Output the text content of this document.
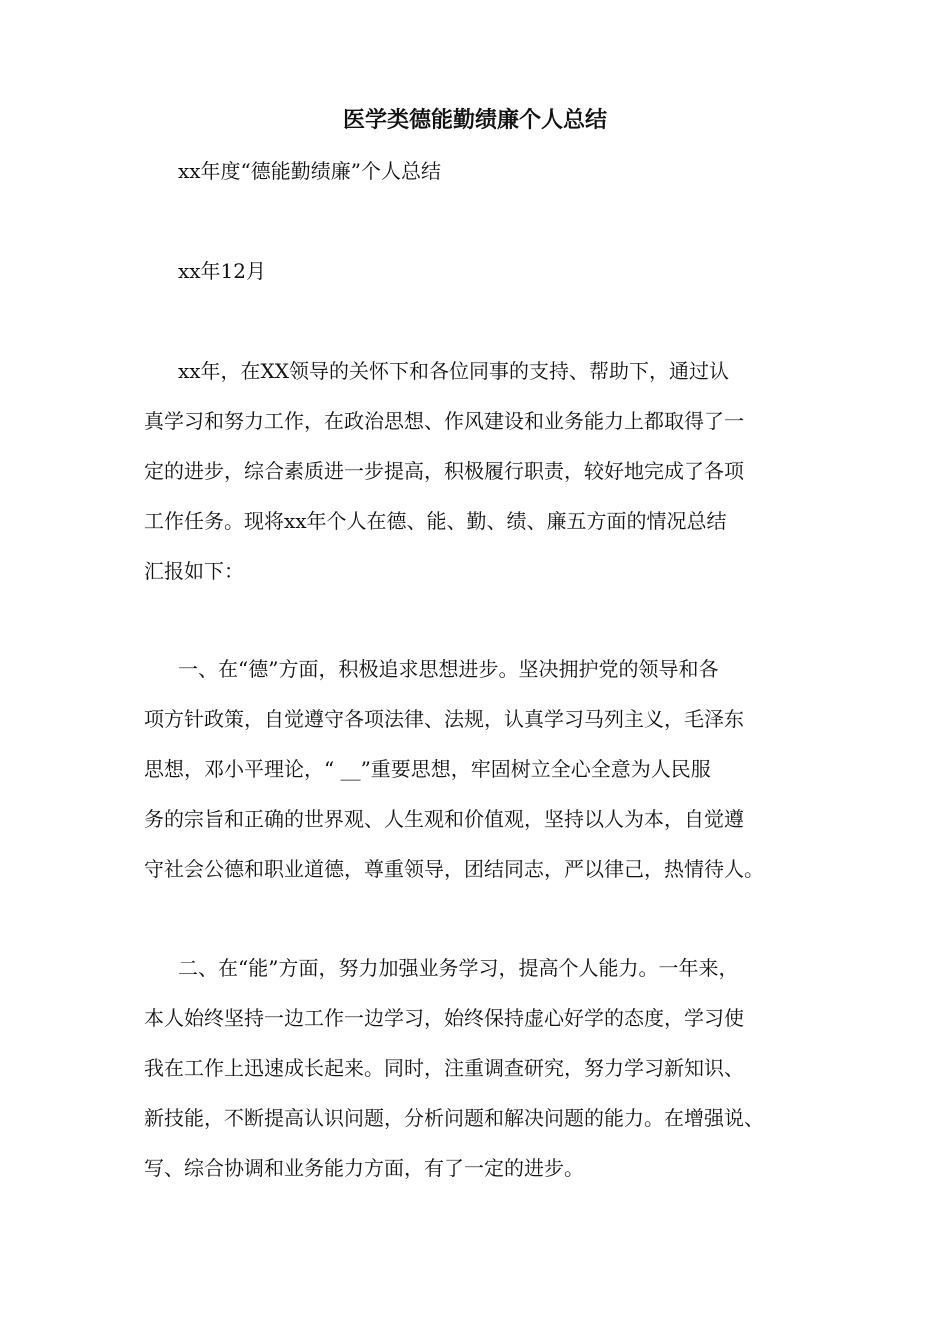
医学类德能勤绩廉个人总结
xx年度“德能勤绩廉”个人总结
xx年12月
xx年，在XX领导的关怀下和各位同事的支持、帮助下，通过认
真学习和努力工作，在政治思想、作风建设和业务能力上都取得了一
定的进步，综合素质进一步提高，积极履行职责，较好地完成了各项
工作任务。现将xx年个人在德、能、勤、绩、廉五方面的情况总结
汇报如下：
一、在“德”方面，积极追求思想进步。坚决拥护党的领导和各
项方针政策，自觉遵守各项法律、法规，认真学习马列主义，毛泽东
思想，邓小平理论，“ __”重要思想，牢固树立全心全意为人民服
务的宗旨和正确的世界观、人生观和价值观，坚持以人为本，自觉遵
守社会公德和职业道德，尊重领导，团结同志，严以律己，热情待人。
二、在“能”方面，努力加强业务学习，提高个人能力。一年来，
本人始终坚持一边工作一边学习，始终保持虚心好学的态度，学习使
我在工作上迅速成长起来。同时，注重调查研究，努力学习新知识、
新技能，不断提高认识问题，分析问题和解决问题的能力。在增强说、
写、综合协调和业务能力方面，有了一定的进步。
